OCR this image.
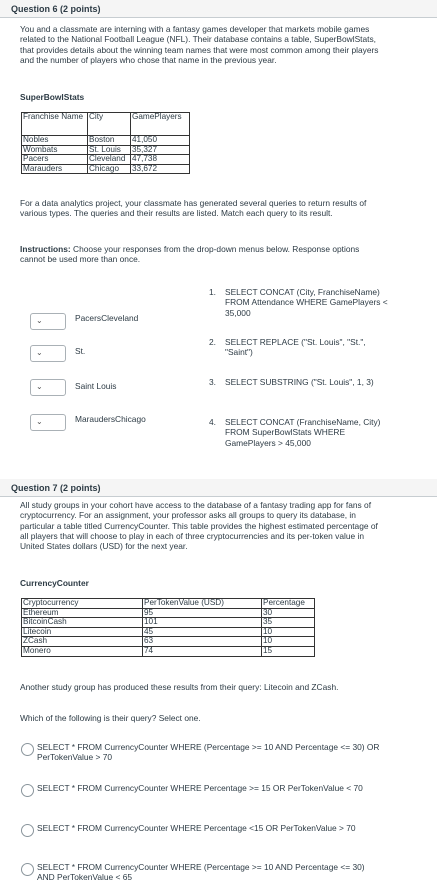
Question 6 (2 points)
You and a classmate are interning with a fantasy games developer that markets mobile games related to the National Football League (NFL). Their database contains a table, SuperBowlStats, that provides details about the winning team names that were most common among their players and the number of players who chose that name in the previous year.
SuperBowlStats
Franchise Name	City	GamePlayers
Nobles	Boston	41,050
Wombats	St. Louis	35,327
Pacers	Cleveland	47,738
Marauders	Chicago	33,672
For a data analytics project, your classmate has generated several queries to return results of various types. The queries and their results are listed. Match each query to its result.
Instructions: Choose your responses from the drop-down menus below. Response options cannot be used more than once.
⌄	PacersCleveland
⌄	St.
⌄	Saint Louis
⌄	MaraudersChicago
1. SELECT CONCAT (City, FranchiseName) FROM Attendance WHERE GamePlayers < 35,000
2. SELECT REPLACE ("St. Louis", "St.", "Saint")
3. SELECT SUBSTRING ("St. Louis", 1, 3)
4. SELECT CONCAT (FranchiseName, City) FROM SuperBowlStats WHERE GamePlayers > 45,000
Question 7 (2 points)
All study groups in your cohort have access to the database of a fantasy trading app for fans of cryptocurrency. For an assignment, your professor asks all groups to query its database, in particular a table titled CurrencyCounter. This table provides the highest estimated percentage of all players that will choose to play in each of three cryptocurrencies and its per-token value in United States dollars (USD) for the next year.
CurrencyCounter
Cryptocurrency	PerTokenValue (USD)	Percentage
Ethereum	95	30
BitcoinCash	101	35
Litecoin	45	10
ZCash	63	10
Monero	74	15
Another study group has produced these results from their query: Litecoin and ZCash.
Which of the following is their query? Select one.
SELECT * FROM CurrencyCounter WHERE (Percentage >= 10 AND Percentage <= 30) OR PerTokenValue > 70
SELECT * FROM CurrencyCounter WHERE Percentage >= 15 OR PerTokenValue < 70
SELECT * FROM CurrencyCounter WHERE Percentage <15 OR PerTokenValue > 70
SELECT * FROM CurrencyCounter WHERE (Percentage >= 10 AND Percentage <= 30) AND PerTokenValue < 65
